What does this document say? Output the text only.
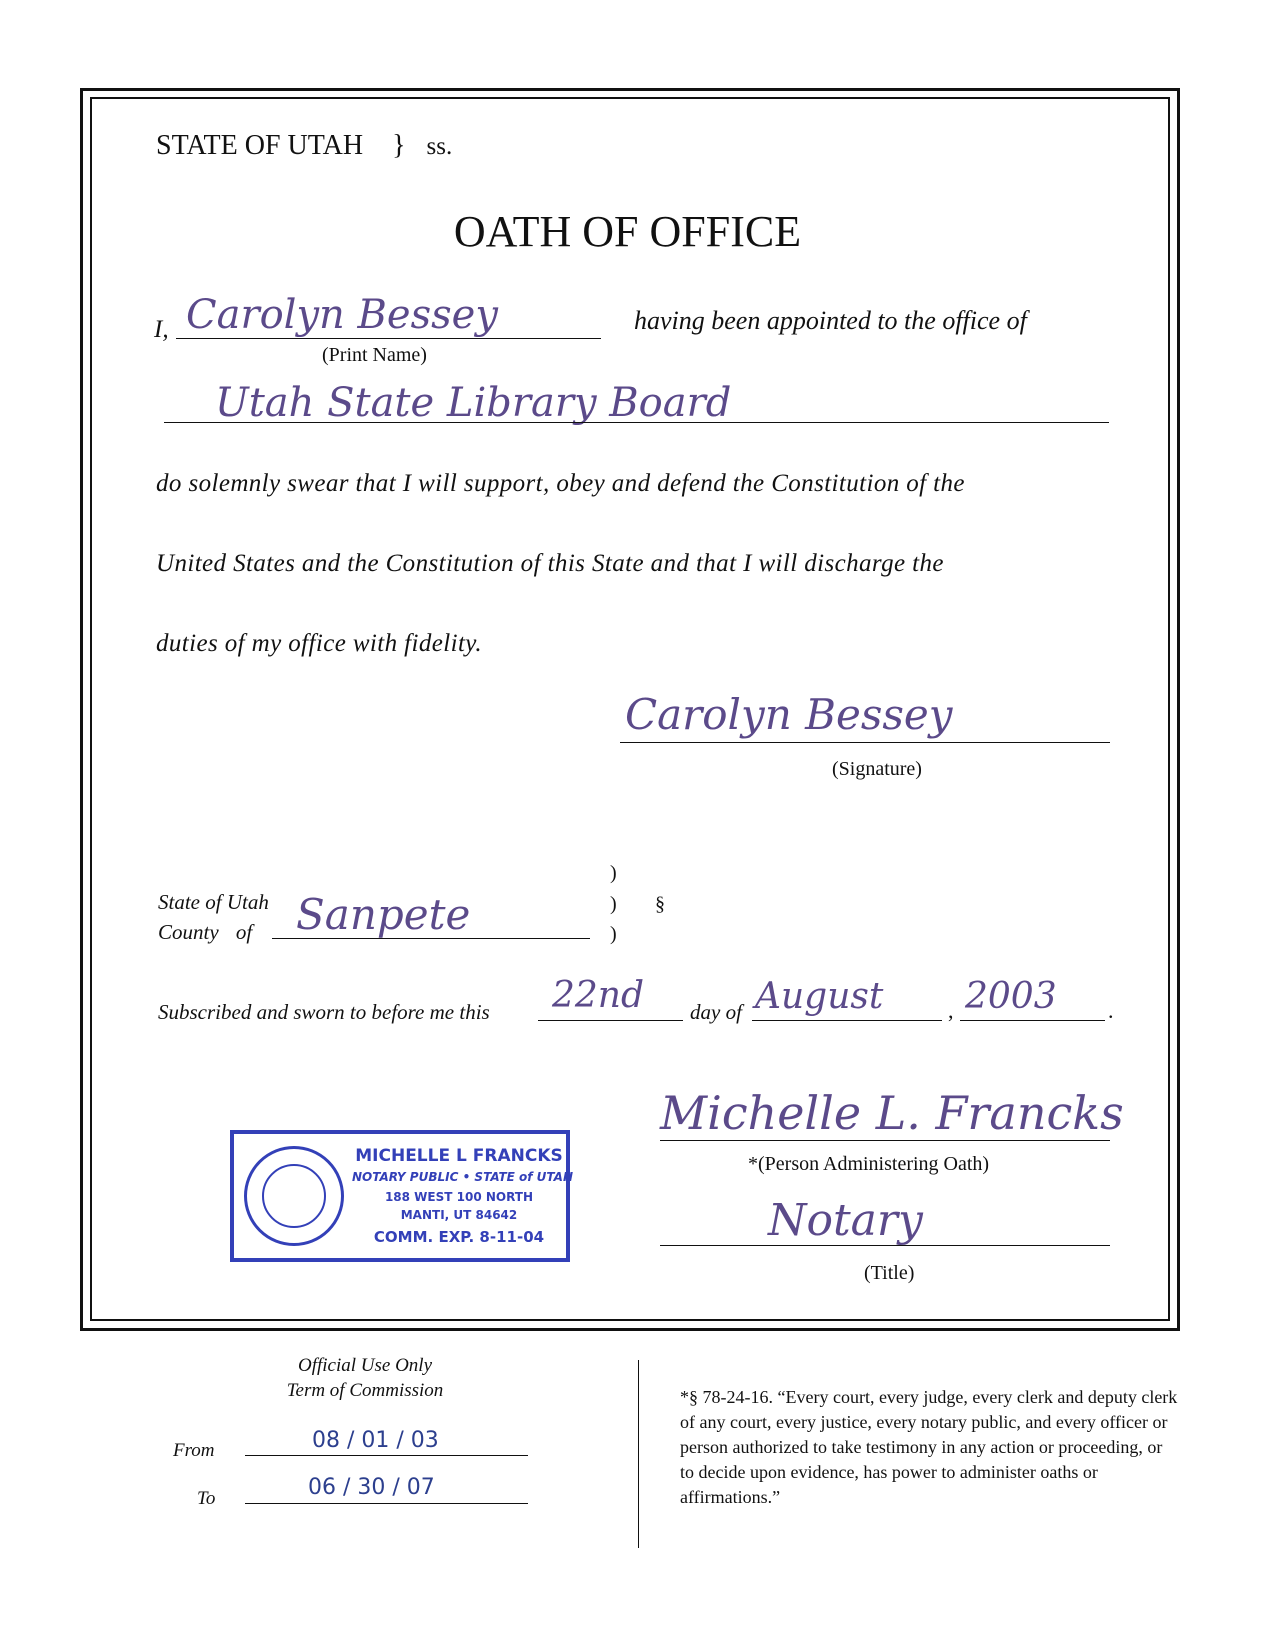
STATE OF UTAH } ss.
OATH OF OFFICE
I, Carolyn Bessey
(Print Name)
having been appointed to the office of
Utah State Library Board
do solemnly swear that I will support, obey and defend the Constitution of the
United States and the Constitution of this State and that I will discharge the
duties of my office with fidelity.
Carolyn Bessey
(Signature)
State of Utah
County of Sanpete
)
)
)
§
Subscribed and sworn to before me this 22nd day of August	, 2003 .
MICHELLE L FRANCKS
NOTARY PUBLIC • STATE of UTAH
188 WEST 100 NORTH
MANTI, UT 84642
COMM. EXP. 8-11-04
Michelle L. Francks
*(Person Administering Oath)
Notary
(Title)
Official Use Only
Term of Commission
From	08 / 01 / 03
To	06 / 30 / 07
*§ 78-24-16. “Every court, every judge, every clerk and deputy clerk of any court, every justice, every notary public, and every officer or person authorized to take testimony in any action or proceeding, or to decide upon evidence, has power to administer oaths or affirmations.”
